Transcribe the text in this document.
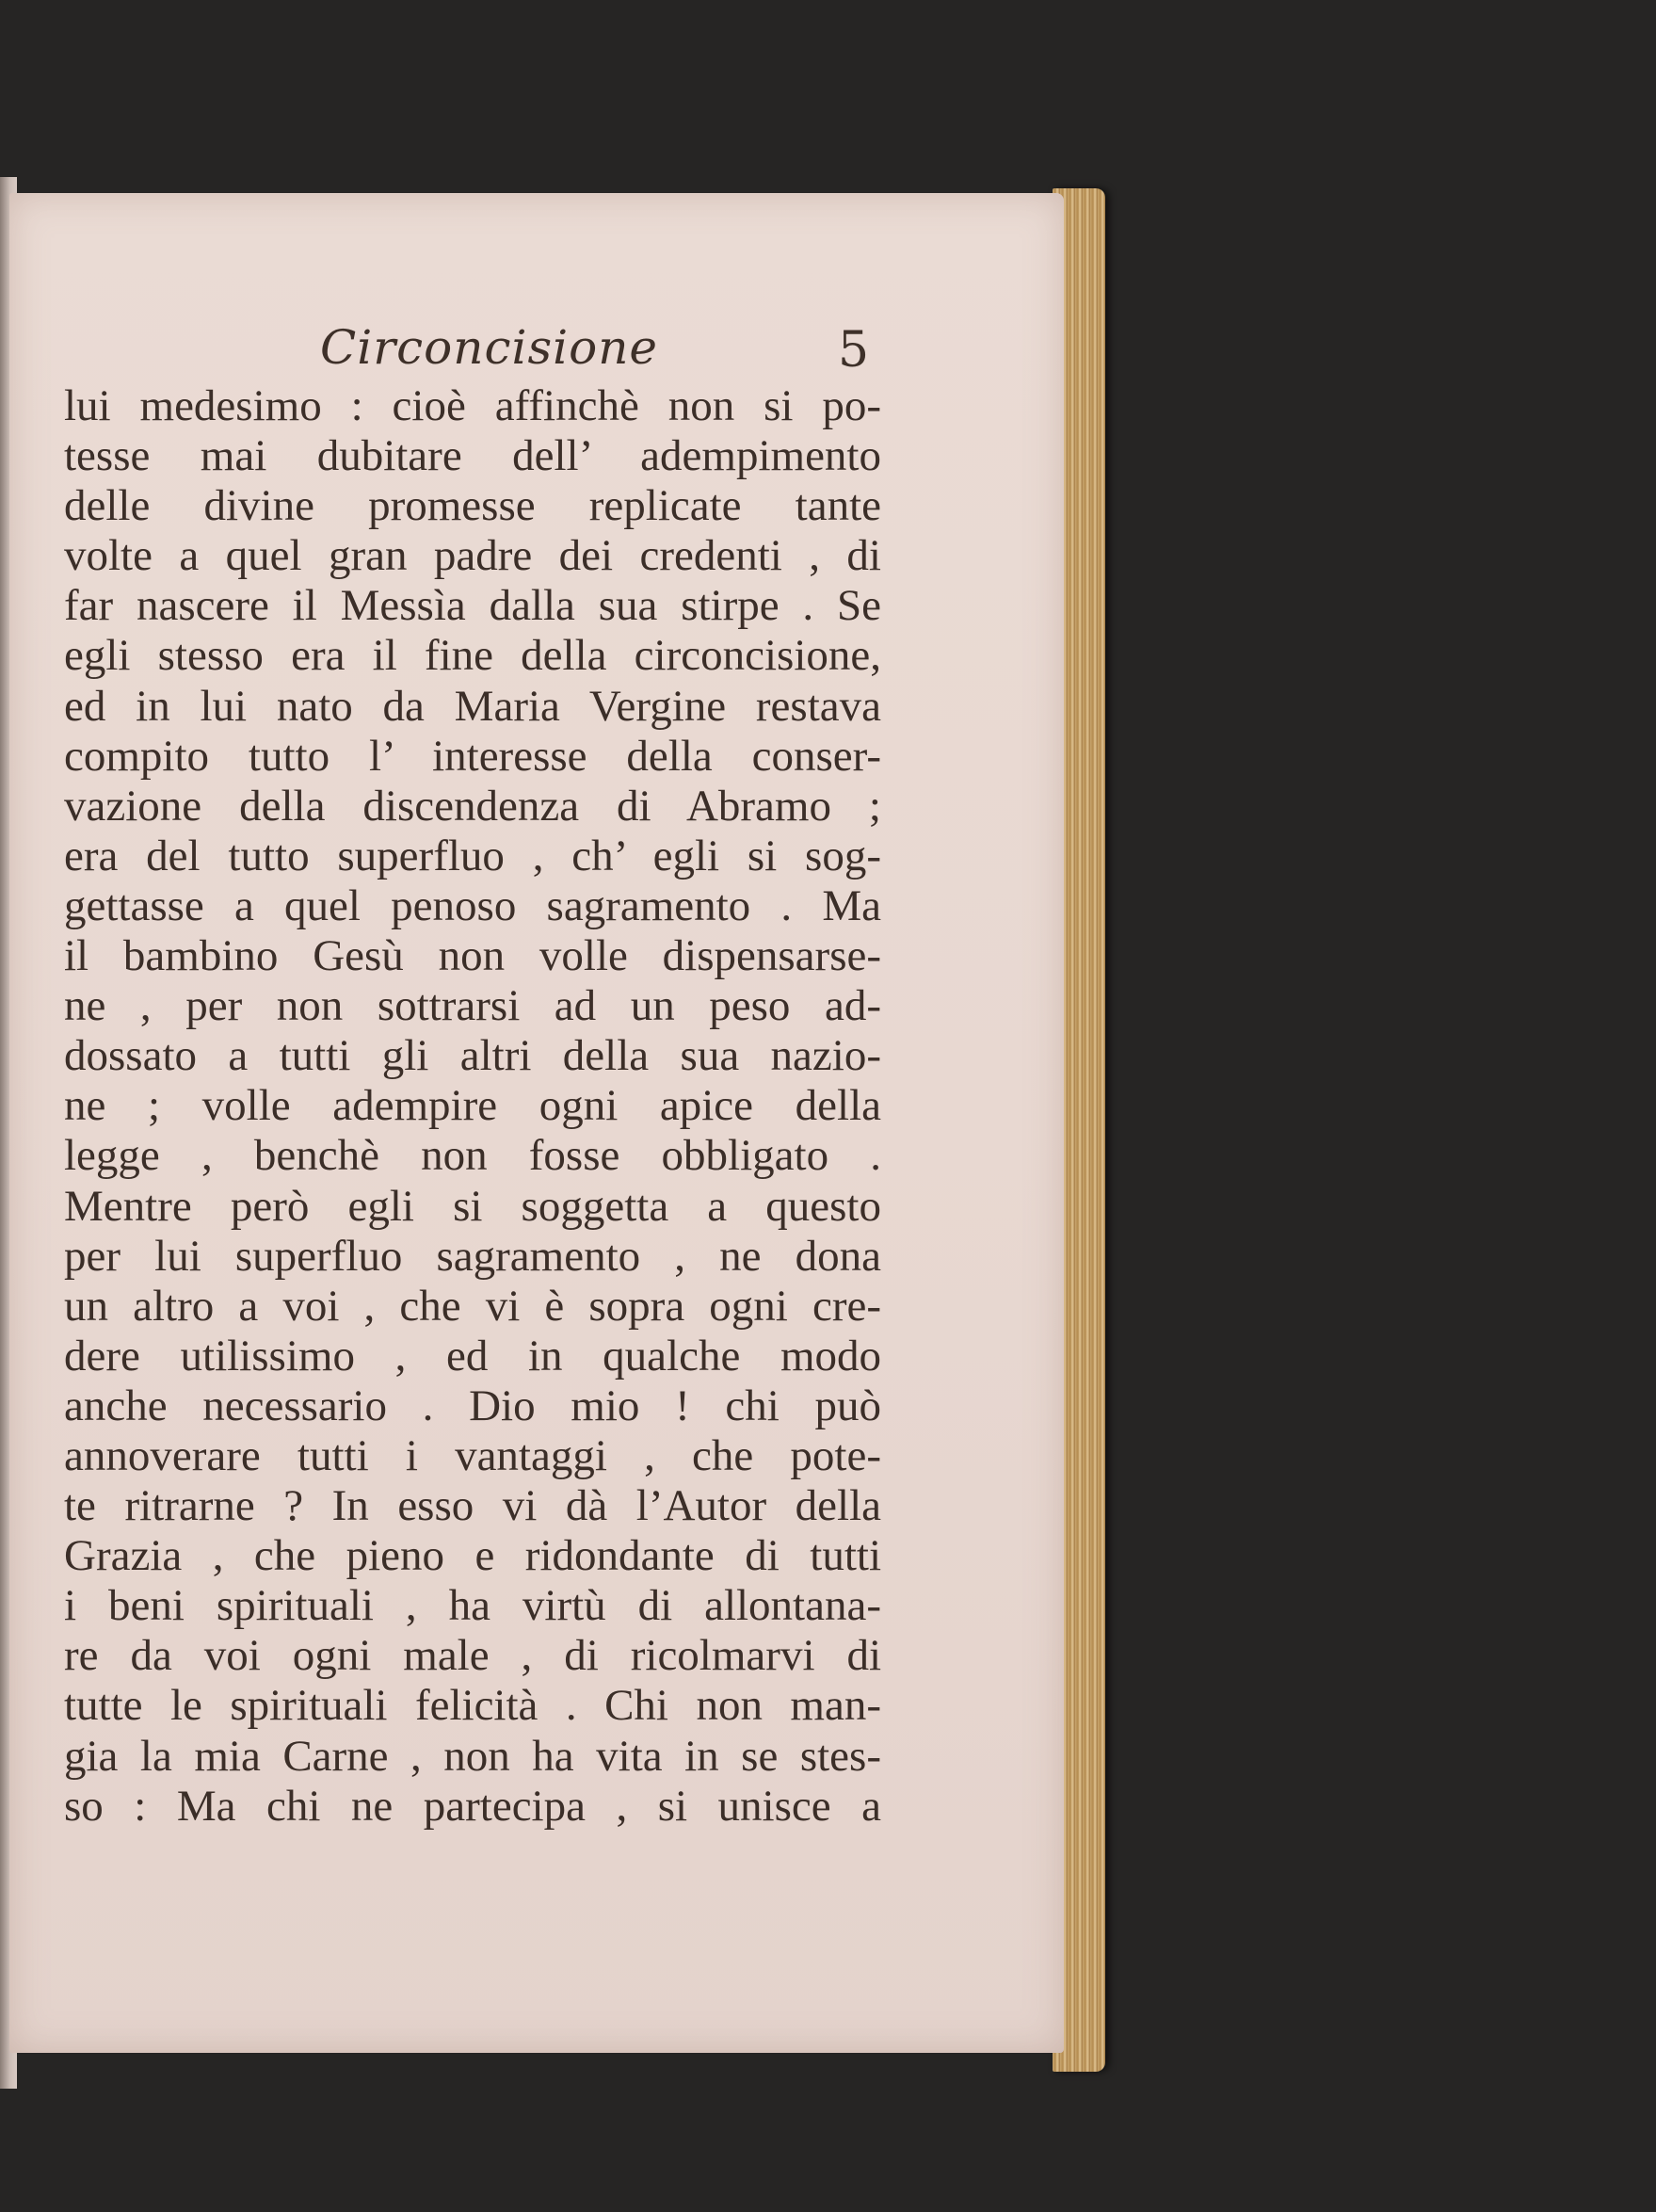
Circoncisione	5
lui medesimo : cioè affinchè non si po-
tesse mai dubitare dell’ adempimento
delle divine promesse replicate tante
volte a quel gran padre dei credenti , di
far nascere il Messìa dalla sua stirpe . Se
egli stesso era il fine della circoncisione,
ed in lui nato da Maria Vergine restava
compito tutto l’ interesse della conser-
vazione della discendenza di Abramo ;
era del tutto superfluo , ch’ egli si sog-
gettasse a quel penoso sagramento . Ma
il bambino Gesù non volle dispensarse-
ne , per non sottrarsi ad un peso ad-
dossato a tutti gli altri della sua nazio-
ne ; volle adempire ogni apice della
legge , benchè non fosse obbligato .
Mentre però egli si soggetta a questo
per lui superfluo sagramento , ne dona
un altro a voi , che vi è sopra ogni cre-
dere utilissimo , ed in qualche modo
anche necessario . Dio mio ! chi può
annoverare tutti i vantaggi , che pote-
te ritrarne ? In esso vi dà l’Autor della
Grazia , che pieno e ridondante di tutti
i beni spirituali , ha virtù di allontana-
re da voi ogni male , di ricolmarvi di
tutte le spirituali felicità . Chi non man-
gia la mia Carne , non ha vita in se stes-
so : Ma chi ne partecipa , si unisce a
